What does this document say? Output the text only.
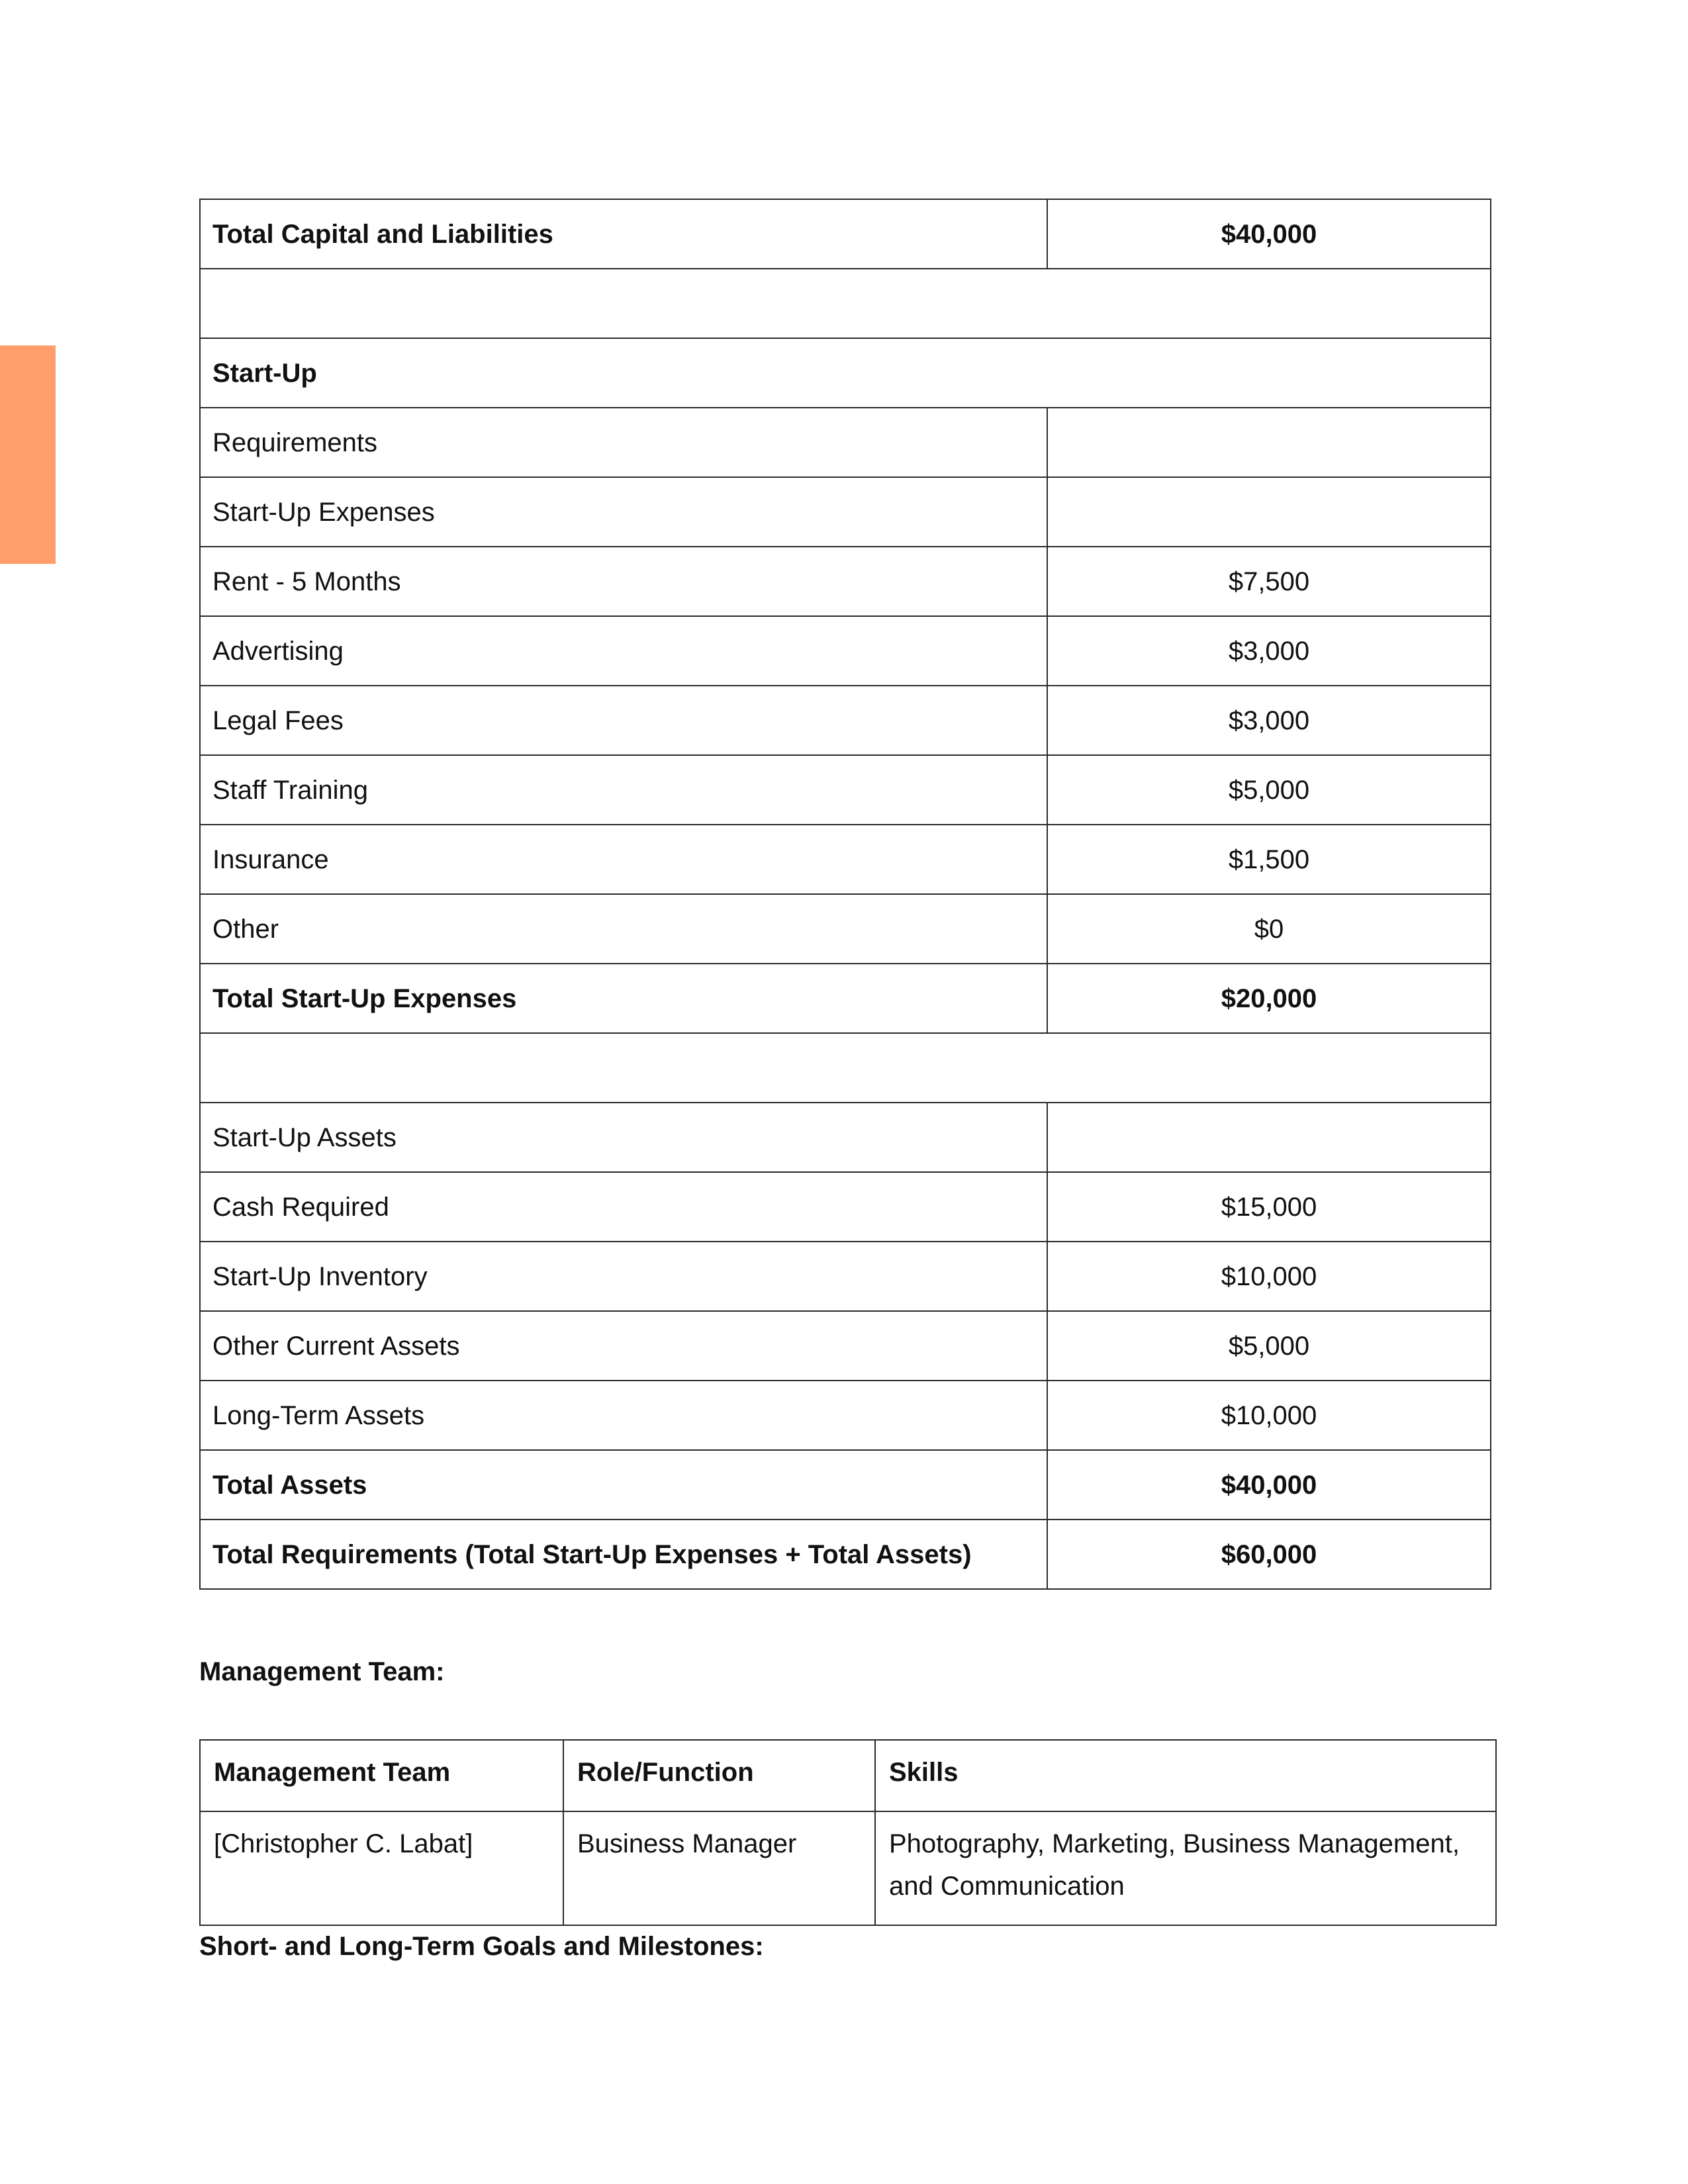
Total Capital and Liabilities	$40,000

Start-Up	
Requirements	
Start-Up Expenses	
Rent - 5 Months	$7,500
Advertising	$3,000
Legal Fees	$3,000
Staff Training	$5,000
Insurance	$1,500
Other	$0
Total Start-Up Expenses	$20,000

Start-Up Assets	
Cash Required	$15,000
Start-Up Inventory	$10,000
Other Current Assets	$5,000
Long-Term Assets	$10,000
Total Assets	$40,000
Total Requirements (Total Start-Up Expenses + Total Assets)	$60,000

Management Team:

Management Team	Role/Function	Skills
[Christopher C. Labat]	Business Manager	Photography, Marketing, Business Management, and Communication

Short- and Long-Term Goals and Milestones:
